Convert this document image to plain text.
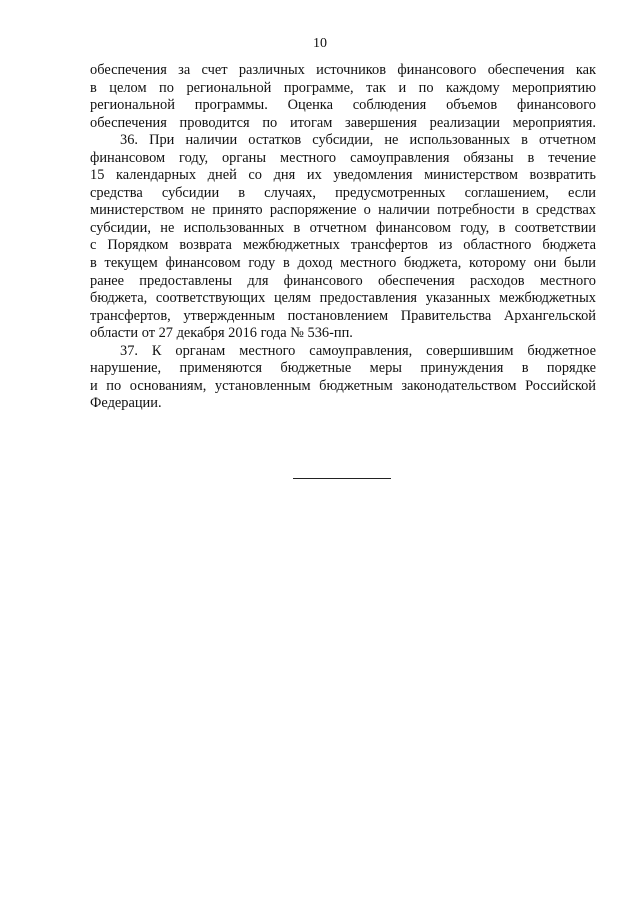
10
обеспечения за счет различных источников финансового обеспечения как
в целом по региональной программе, так и по каждому мероприятию
региональной программы. Оценка соблюдения объемов финансового
обеспечения проводится по итогам завершения реализации мероприятия.
36. При наличии остатков субсидии, не использованных в отчетном
финансовом году, органы местного самоуправления обязаны в течение
15 календарных дней со дня их уведомления министерством возвратить
средства субсидии в случаях, предусмотренных соглашением, если
министерством не принято распоряжение о наличии потребности в средствах
субсидии, не использованных в отчетном финансовом году, в соответствии
с Порядком возврата межбюджетных трансфертов из областного бюджета
в текущем финансовом году в доход местного бюджета, которому они были
ранее предоставлены для финансового обеспечения расходов местного
бюджета, соответствующих целям предоставления указанных межбюджетных
трансфертов, утвержденным постановлением Правительства Архангельской
области от 27 декабря 2016 года № 536-пп.
37. К органам местного самоуправления, совершившим бюджетное
нарушение, применяются бюджетные меры принуждения в порядке
и по основаниям, установленным бюджетным законодательством Российской
Федерации.
